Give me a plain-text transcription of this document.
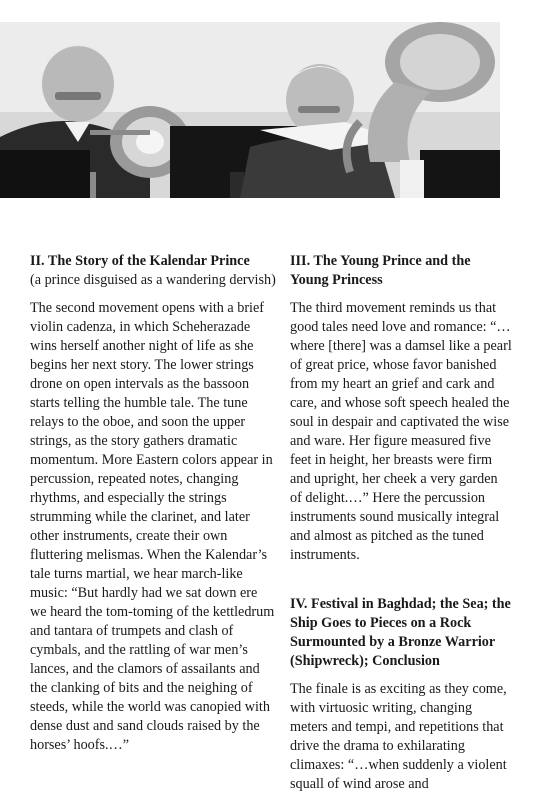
II. The Story of the Kalendar Prince
(a prince disguised as a wandering dervish)

The second movement opens with a brief violin cadenza, in which Scheherazade wins herself another night of life as she begins her next story. The lower strings drone on open intervals as the bassoon starts telling the humble tale. The tune relays to the oboe, and soon the upper strings, as the story gathers dramatic momentum. More Eastern colors appear in percussion, repeated notes, changing rhythms, and especially the strings strumming while the clarinet, and later other instruments, create their own fluttering melismas. When the Kalendar’s tale turns martial, we hear march-like music: “But hardly had we sat down ere we heard the tom-toming of the kettledrum and tantara of trumpets and clash of cymbals, and the rattling of war men’s lances, and the clamors of assailants and the clanking of bits and the neighing of steeds, while the world was canopied with dense dust and sand clouds raised by the horses’ hoofs.…”

III. The Young Prince and the Young Princess

The third movement reminds us that good tales need love and romance: “…where [there] was a damsel like a pearl of great price, whose favor banished from my heart an grief and cark and care, and whose soft speech healed the soul in despair and captivated the wise and ware. Her figure measured five feet in height, her breasts were firm and upright, her cheek a very garden of delight.…” Here the percussion instruments sound musically integral and almost as pitched as the tuned instruments.

IV. Festival in Baghdad; the Sea; the Ship Goes to Pieces on a Rock Surmounted by a Bronze Warrior (Shipwreck); Conclusion

The finale is as exciting as they come, with virtuosic writing, changing meters and tempi, and repetitions that drive the drama to exhilarating climaxes: “…when suddenly a violent squall of wind arose and
